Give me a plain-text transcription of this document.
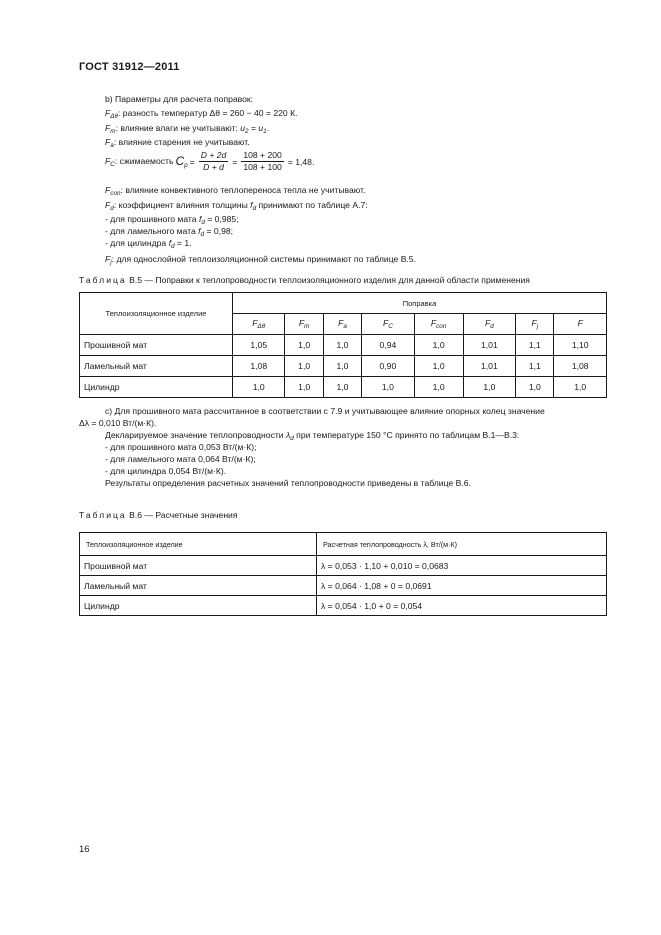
ГОСТ 31912—2011
b) Параметры для расчета поправок:
$F_{\Delta\theta}$: разность температур Δθ = 260 − 40 = 220 К.
$F_m$: влияние влаги не учитывают: $u_2 = u_1$.
$F_a$: влияние старения не учитывают.
$F_C$: сжимаемость $C_p = \frac{D + 2d}{D + d} = \frac{108 + 200}{108 + 100} = 1,48$.
$F_{con}$: влияние конвективного теплопереноса тепла не учитывают.
$F_d$: коэффициент влияния толщины $f_d$ принимают по таблице А.7:
- для прошивного мата $f_d = 0,985$;
- для ламельного мата $f_d = 0,98$;
- для цилиндра $f_d = 1$.
$F_j$: для однослойной теплоизоляционной системы принимают по таблице В.5.
Таблица В.5 — Поправки к теплопроводности теплоизоляционного изделия для данной области применения
Теплоизоляционное изделие	Поправка							
	$F_{\Delta\theta}$	$F_m$	$F_a$	$F_C$	$F_{con}$	$F_d$	$F_j$	F
Прошивной мат	1,05	1,0	1,0	0,94	1,0	1,01	1,1	1,10
Ламельный мат	1,08	1,0	1,0	0,90	1,0	1,01	1,1	1,08
Цилиндр	1,0	1,0	1,0	1,0	1,0	1,0	1,0	1,0
с) Для прошивного мата рассчитанное в соответствии с 7.9 и учитывающее влияние опорных колец значение
Δλ = 0,010 Вт/(м·К).
Декларируемое значение теплопроводности $\lambda_d$ при температуре 150 °С принято по таблицам В.1—В.3:
- для прошивного мата 0,053 Вт/(м·К);
- для ламельного мата 0,064 Вт/(м·К);
- для цилиндра 0,054 Вт/(м·К).
Результаты определения расчетных значений теплопроводности приведены в таблице В.6.
Таблица В.6 — Расчетные значения
Теплоизоляционное изделие	Расчетная теплопроводность λ, Вт/(м·К)
Прошивной мат	λ = 0,053 · 1,10 + 0,010 = 0,0683
Ламельный мат	λ = 0,064 · 1,08 + 0 = 0,0691
Цилиндр	λ = 0,054 · 1,0 + 0 = 0,054
16
